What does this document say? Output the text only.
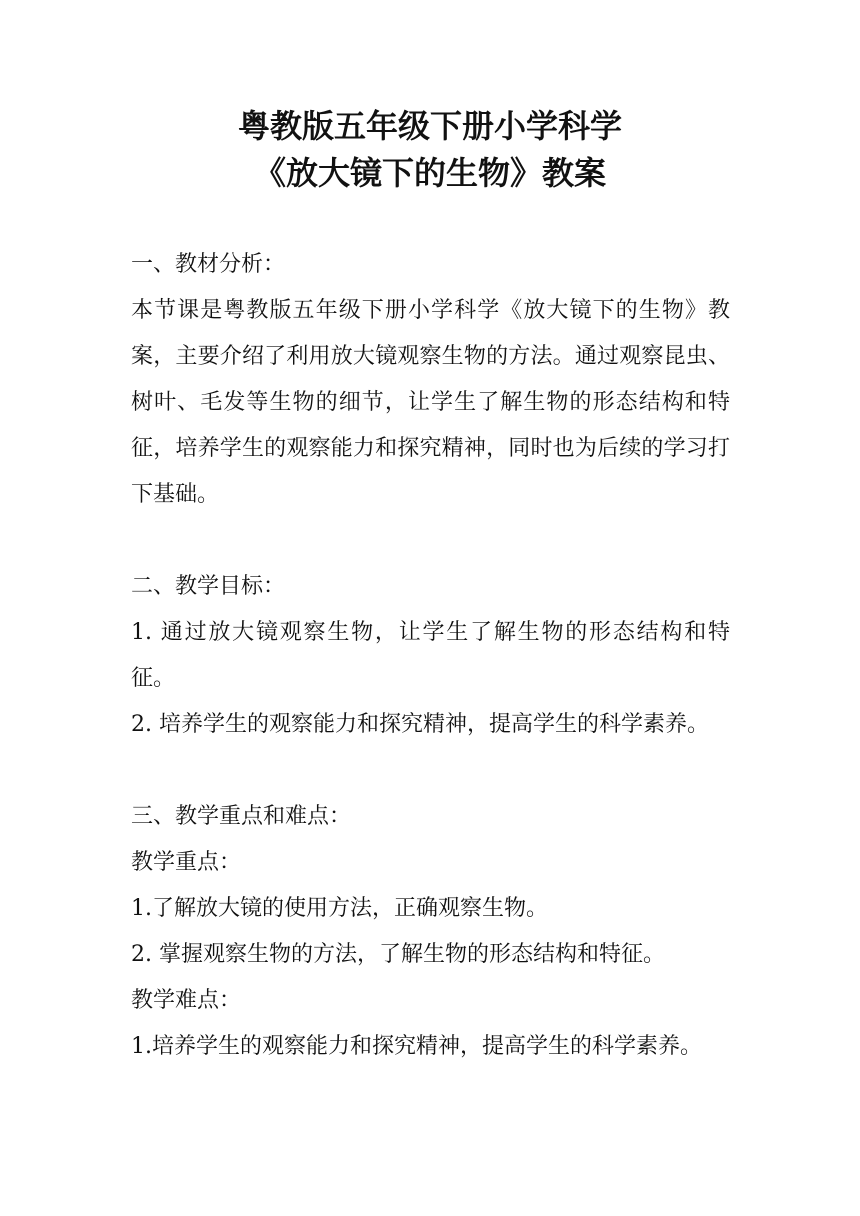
粤教版五年级下册小学科学
《放大镜下的生物》教案

一、教材分析：

本节课是粤教版五年级下册小学科学《放大镜下的生物》教案，主要介绍了利用放大镜观察生物的方法。通过观察昆虫、树叶、毛发等生物的细节，让学生了解生物的形态结构和特征，培养学生的观察能力和探究精神，同时也为后续的学习打下基础。

二、教学目标：

1. 通过放大镜观察生物，让学生了解生物的形态结构和特征。

2. 培养学生的观察能力和探究精神，提高学生的科学素养。

三、教学重点和难点：

教学重点：

1.了解放大镜的使用方法，正确观察生物。

2. 掌握观察生物的方法，了解生物的形态结构和特征。

教学难点：

1.培养学生的观察能力和探究精神，提高学生的科学素养。
